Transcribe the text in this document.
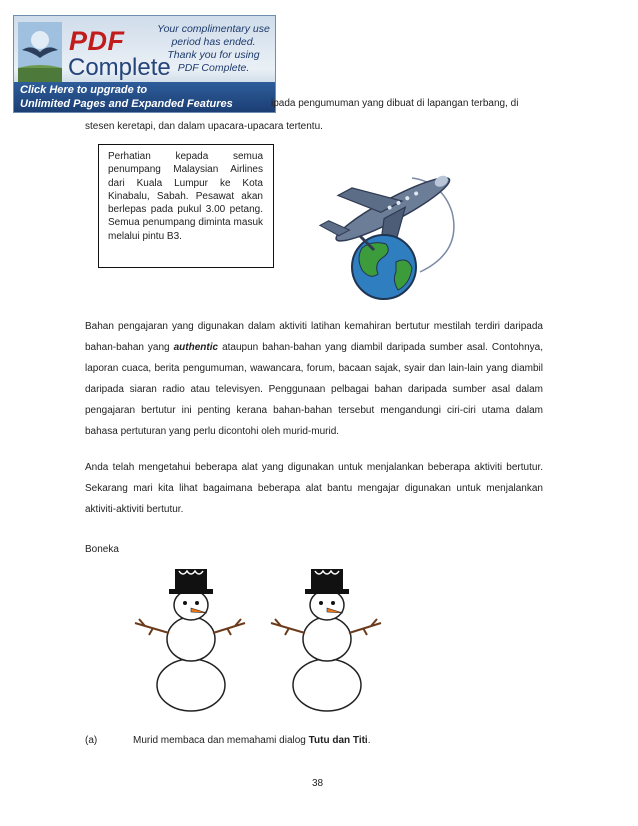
PDF
Complete
Your complimentary use period has ended. Thank you for using PDF Complete.
Click Here to upgrade to
Unlimited Pages and Expanded Features	ipada pengumuman yang dibuat di lapangan terbang, di
stesen keretapi, dan dalam upacara-upacara tertentu.
Perhatian kepada semua penumpang Malaysian Airlines dari Kuala Lumpur ke Kota Kinabalu, Sabah. Pesawat akan berlepas pada pukul 3.00 petang. Semua penumpang diminta masuk melalui pintu B3.
Bahan pengajaran yang digunakan dalam aktiviti latihan kemahiran bertutur mestilah terdiri daripada bahan‑bahan yang authentic ataupun bahan-bahan yang diambil daripada sumber asal. Contohnya, laporan cuaca, berita pengumuman, wawancara, forum, bacaan sajak, syair dan lain-lain yang diambil daripada siaran radio atau televisyen. Penggunaan pelbagai bahan daripada sumber asal dalam pengajaran bertutur ini penting kerana bahan-bahan tersebut mengandungi ciri-ciri utama dalam bahasa pertuturan yang perlu dicontohi oleh murid-murid.
Anda telah mengetahui beberapa alat yang digunakan untuk menjalankan beberapa aktiviti bertutur. Sekarang mari kita lihat bagaimana beberapa alat bantu mengajar digunakan untuk menjalankan aktiviti-aktiviti bertutur.
Boneka
(a)	Murid membaca dan memahami dialog Tutu dan Titi.
38
